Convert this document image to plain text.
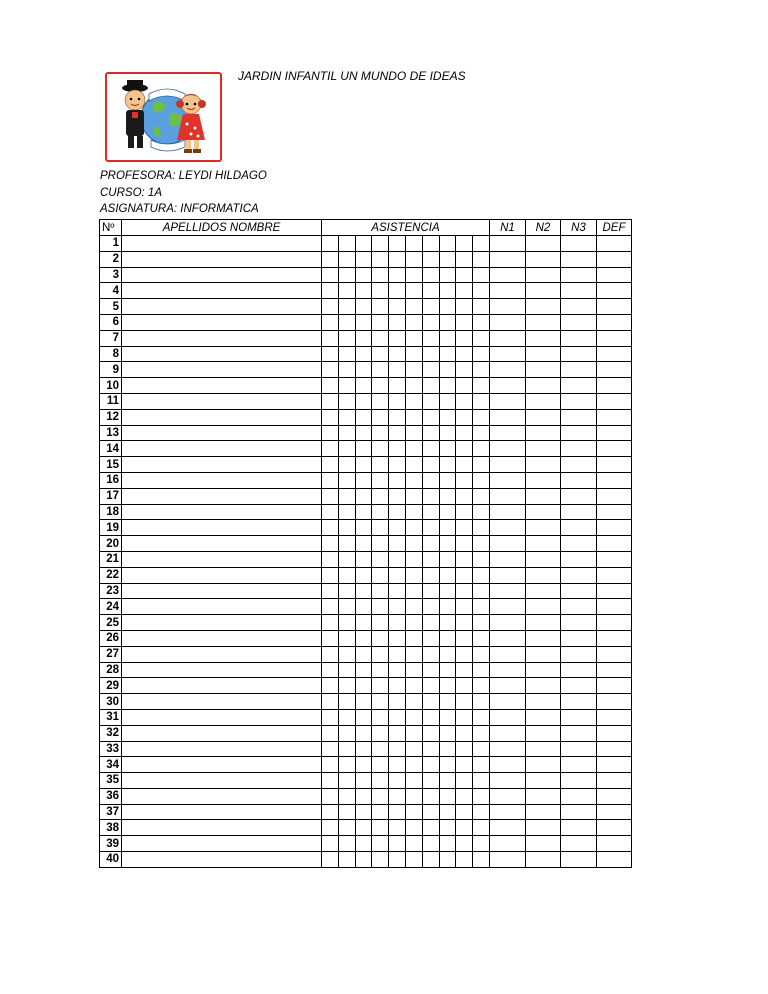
JARDIN INFANTIL UN MUNDO DE IDEAS
PROFESORA: LEYDI HILDAGO
CURSO: 1A
ASIGNATURA: INFORMATICA
Nº	APELLIDOS NOMBRE	ASISTENCIA										N1	N2	N3	DEF
1															
2															
3															
4															
5															
6															
7															
8															
9															
10															
11															
12															
13															
14															
15															
16															
17															
18															
19															
20															
21															
22															
23															
24															
25															
26															
27															
28															
29															
30															
31															
32															
33															
34															
35															
36															
37															
38															
39															
40															
